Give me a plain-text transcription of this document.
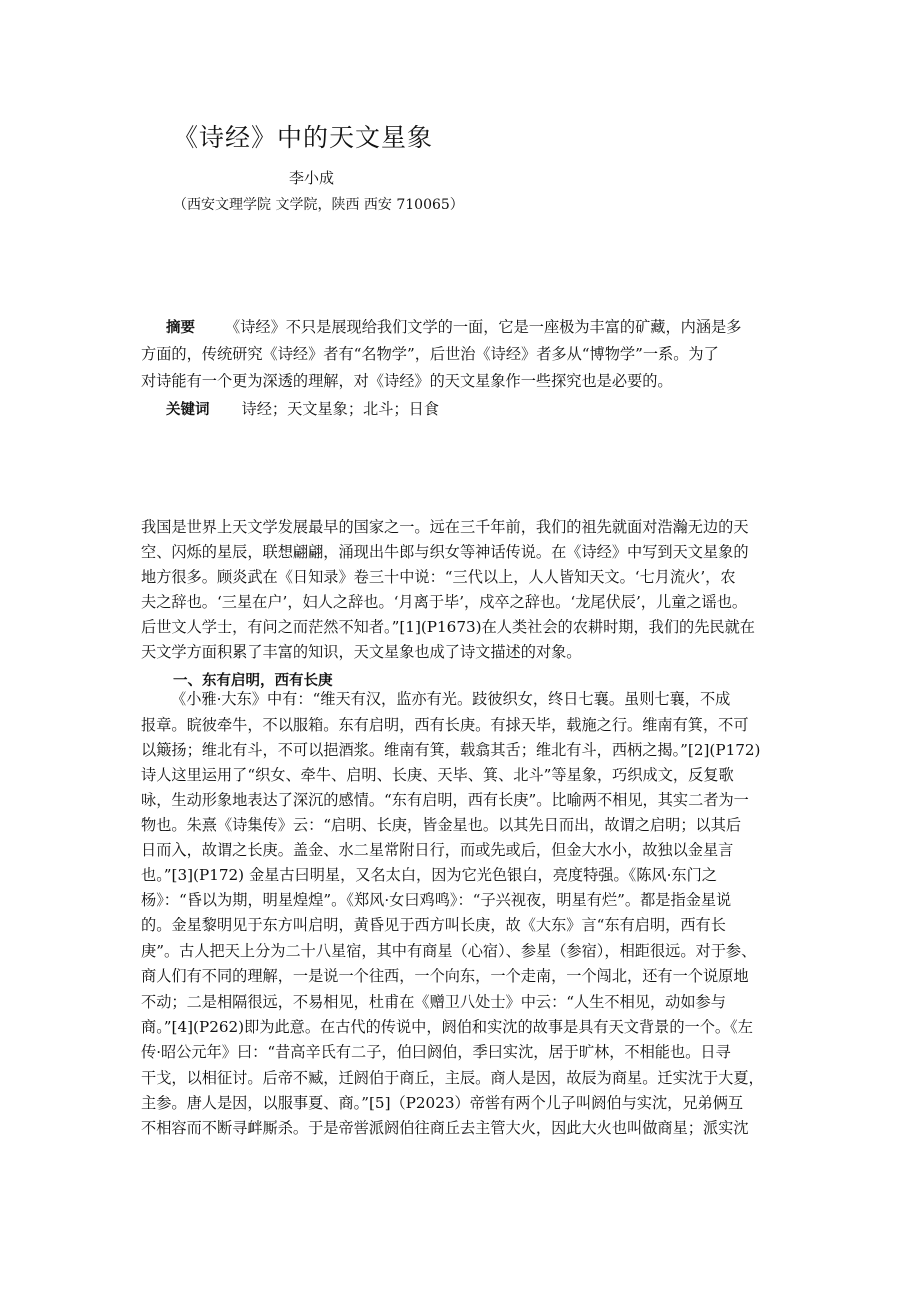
《诗经》中的天文星象
李小成
（西安文理学院 文学院，陕西 西安 710065）
摘要 《诗经》不只是展现给我们文学的一面，它是一座极为丰富的矿藏，内涵是多
方面的，传统研究《诗经》者有“名物学”，后世治《诗经》者多从“博物学”一系。为了
对诗能有一个更为深透的理解，对《诗经》的天文星象作一些探究也是必要的。
关键词 诗经；天文星象；北斗；日食
我国是世界上天文学发展最早的国家之一。远在三千年前，我们的祖先就面对浩瀚无边的天
空、闪烁的星辰，联想翩翩，涌现出牛郎与织女等神话传说。在《诗经》中写到天文星象的
地方很多。顾炎武在《日知录》卷三十中说：“三代以上，人人皆知天文。‘七月流火’，农
夫之辞也。‘三星在户’，妇人之辞也。‘月离于毕’，戍卒之辞也。‘龙尾伏辰’，儿童之谣也。
后世文人学士，有问之而茫然不知者。”[1](P1673)在人类社会的农耕时期，我们的先民就在
天文学方面积累了丰富的知识，天文星象也成了诗文描述的对象。
一、东有启明，西有长庚
《小雅·大东》中有：“维天有汉，监亦有光。跂彼织女，终日七襄。虽则七襄，不成
报章。睆彼牵牛，不以服箱。东有启明，西有长庚。有捄天毕，载施之行。维南有箕，不可
以簸扬；维北有斗，不可以挹酒浆。维南有箕，载翕其舌；维北有斗，西柄之揭。”[2](P172)
诗人这里运用了“织女、牵牛、启明、长庚、天毕、箕、北斗”等星象，巧织成文，反复歌
咏，生动形象地表达了深沉的感情。“东有启明，西有长庚”。比喻两不相见，其实二者为一
物也。朱熹《诗集传》云：“启明、长庚，皆金星也。以其先日而出，故谓之启明；以其后
日而入，故谓之长庚。盖金、水二星常附日行，而或先或后，但金大水小，故独以金星言
也。”[3](P172) 金星古曰明星，又名太白，因为它光色银白，亮度特强。《陈风·东门之
杨》：“昏以为期，明星煌煌”。《郑风·女曰鸡鸣》：“子兴视夜，明星有烂”。都是指金星说
的。金星黎明见于东方叫启明，黄昏见于西方叫长庚，故《大东》言“东有启明，西有长
庚”。古人把天上分为二十八星宿，其中有商星（心宿）、参星（参宿），相距很远。对于参、
商人们有不同的理解，一是说一个往西，一个向东，一个走南，一个闯北，还有一个说原地
不动；二是相隔很远，不易相见，杜甫在《赠卫八处士》中云：“人生不相见，动如参与
商。”[4](P262)即为此意。在古代的传说中，阏伯和实沈的故事是具有天文背景的一个。《左
传·昭公元年》曰：“昔高辛氏有二子，伯曰阏伯，季曰实沈，居于旷林，不相能也。日寻
干戈，以相征讨。后帝不臧，迁阏伯于商丘，主辰。商人是因，故辰为商星。迁实沈于大夏，
主参。唐人是因，以服事夏、商。”[5]（P2023）帝喾有两个儿子叫阏伯与实沈，兄弟俩互
不相容而不断寻衅厮杀。于是帝喾派阏伯往商丘去主管大火，因此大火也叫做商星；派实沈
